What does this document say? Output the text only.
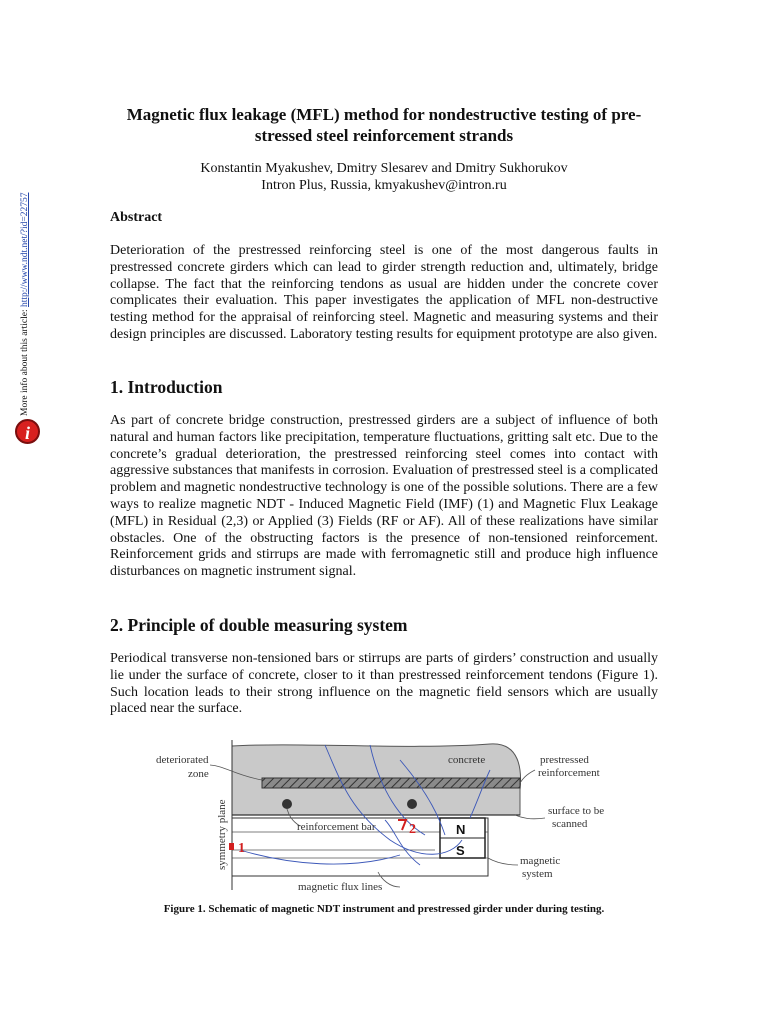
More info about this article: http://www.ndt.net/?id=22757
i
Magnetic flux leakage (MFL) method for nondestructive testing of pre-stressed steel reinforcement strands
Konstantin Myakushev, Dmitry Slesarev and Dmitry Sukhorukov
Intron Plus, Russia, kmyakushev@intron.ru
Abstract
Deterioration of the prestressed reinforcing steel is one of the most dangerous faults in prestressed concrete girders which can lead to girder strength reduction and, ultimately, bridge collapse. The fact that the reinforcing tendons as usual are hidden under the concrete cover complicates their evaluation. This paper investigates the application of MFL non-destructive testing method for the appraisal of reinforcing steel. Magnetic and measuring systems and their design principles are discussed. Laboratory testing results for equipment prototype are also given.
1. Introduction
As part of concrete bridge construction, prestressed girders are a subject of influence of both natural and human factors like precipitation, temperature fluctuations, gritting salt etc. Due to the concrete’s gradual deterioration, the prestressed reinforcing steel comes into contact with aggressive substances that manifests in corrosion. Evaluation of prestressed steel is a complicated problem and magnetic nondestructive technology is one of the possible solutions. There are a few ways to realize magnetic NDT - Induced Magnetic Field (IMF) (1) and Magnetic Flux Leakage (MFL) in Residual (2,3) or Applied (3) Fields (RF or AF). All of these realizations have similar obstacles. One of the obstructing factors is the presence of non-tensioned reinforcement. Reinforcement grids and stirrups are made with ferromagnetic still and produce high influence disturbances on magnetic instrument signal.
2. Principle of double measuring system
Periodical transverse non-tensioned bars or stirrups are parts of girders’ construction and usually lie under the surface of concrete, closer to it than prestressed reinforcement tendons (Figure 1). Such location leads to their strong influence on the magnetic field sensors which are usually placed near the surface.
N
S
1
2
deteriorated
zone
concrete	prestressed
reinforcement
reinforcement bar
surface to be
scanned
magnetic
system
magnetic flux lines
symmetry plane
Figure 1. Schematic of magnetic NDT instrument and prestressed girder under during testing.
